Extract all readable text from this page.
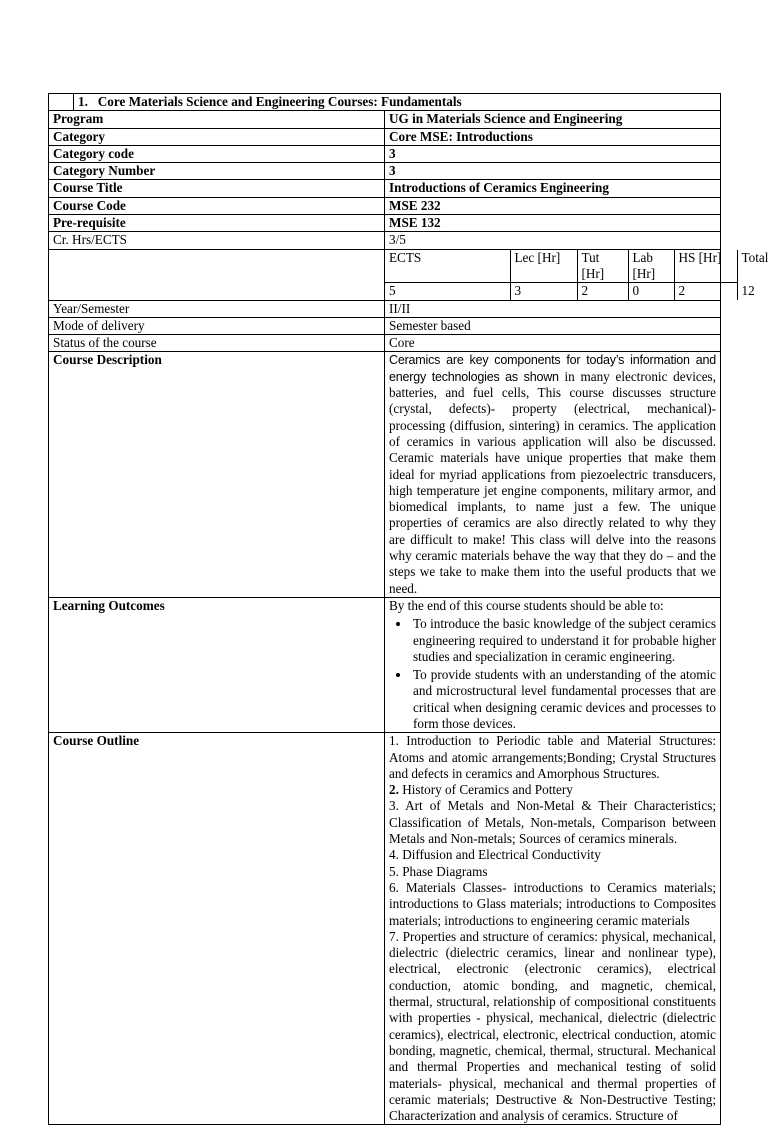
1. Core Materials Science and Engineering Courses: Fundamentals

Program	UG in Materials Science and Engineering
Category	Core MSE: Introductions
Category code	3
Category Number	3
Course Title	Introductions of Ceramics Engineering
Course Code	MSE 232
Pre-requisite	MSE 132
Cr. Hrs/ECTS	3/5

ECTS	Lec [Hr]	Tut [Hr]	Lab [Hr]	HS [Hr]	Total
5	3	2	0	2	12

Year/Semester	II/II
Mode of delivery	Semester based
Status of the course	Core
Course Description	Ceramics are key components for today’s information and energy technologies as shown in many electronic devices, batteries, and fuel cells, This course discusses structure (crystal, defects)- property (electrical, mechanical)-processing (diffusion, sintering) in ceramics. The application of ceramics in various application will also be discussed. Ceramic materials have unique properties that make them ideal for myriad applications from piezoelectric transducers, high temperature jet engine components, military armor, and biomedical implants, to name just a few. The unique properties of ceramics are also directly related to why they are difficult to make! This class will delve into the reasons why ceramic materials behave the way that they do – and the steps we take to make them into the useful products that we need.
Learning Outcomes	By the end of this course students should be able to:
• To introduce the basic knowledge of the subject ceramics engineering required to understand it for probable higher studies and specialization in ceramic engineering.
• To provide students with an understanding of the atomic and microstructural level fundamental processes that are critical when designing ceramic devices and processes to form those devices.

Course Outline	1. Introduction to Periodic table and Material Structures: Atoms and atomic arrangements;Bonding; Crystal Structures and defects in ceramics and Amorphous Structures.

2. History of Ceramics and Pottery

3. Art of Metals and Non-Metal & Their Characteristics; Classification of Metals, Non-metals, Comparison between Metals and Non-metals; Sources of ceramics minerals.

4. Diffusion and Electrical Conductivity

5. Phase Diagrams

6. Materials Classes- introductions to Ceramics materials; introductions to Glass materials; introductions to Composites materials; introductions to engineering ceramic materials

7. Properties and structure of ceramics: physical, mechanical, dielectric (dielectric ceramics, linear and nonlinear type), electrical, electronic (electronic ceramics), electrical conduction, atomic bonding, and magnetic, chemical, thermal, structural, relationship of compositional constituents with properties - physical, mechanical, dielectric (dielectric ceramics), electrical, electronic, electrical conduction, atomic bonding, magnetic, chemical, thermal, structural. Mechanical and thermal Properties and mechanical testing of solid materials- physical, mechanical and thermal properties of ceramic materials; Destructive & Non-Destructive Testing; Characterization and analysis of ceramics. Structure of
